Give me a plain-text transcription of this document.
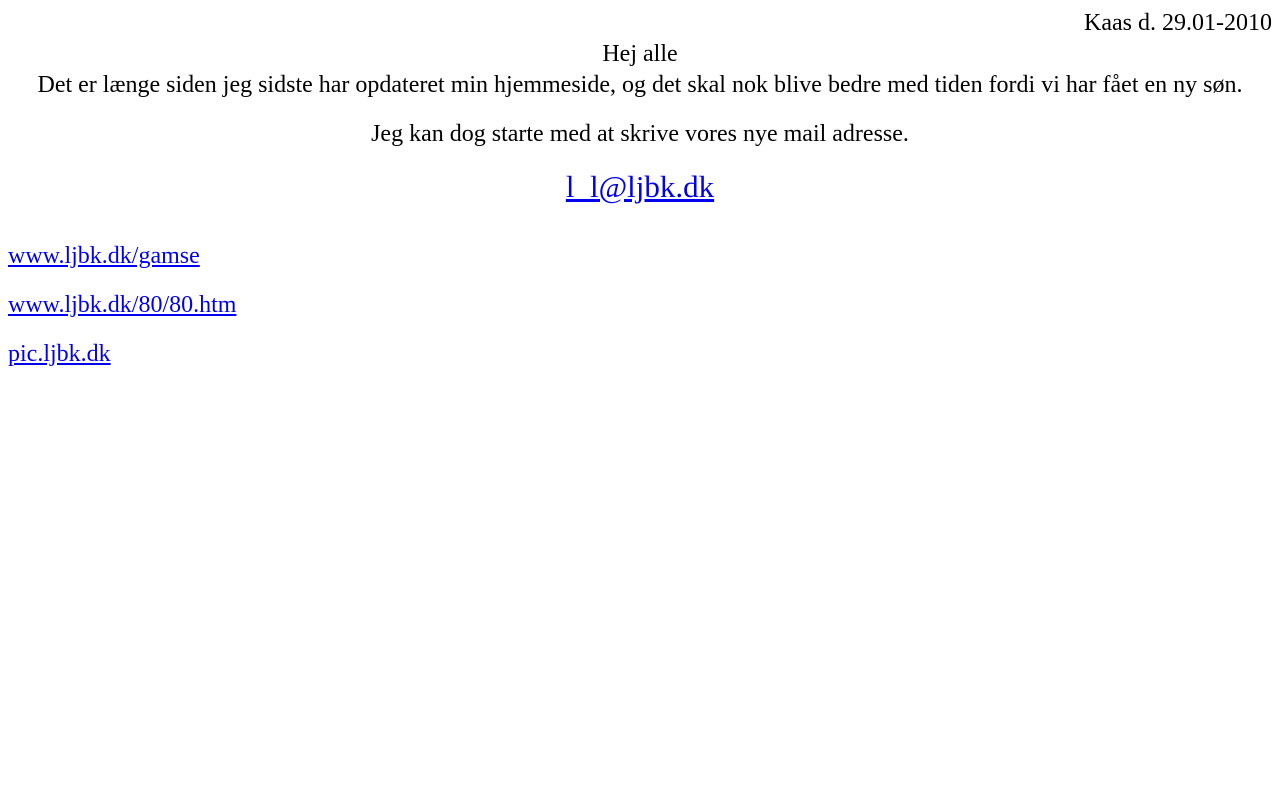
Kaas d. 29.01-2010

Hej alle

Det er længe siden jeg sidste har opdateret min hjemmeside, og det skal nok blive bedre med tiden fordi vi har fået en ny søn.

Jeg kan dog starte med at skrive vores nye mail adresse.

l_l@ljbk.dk

www.ljbk.dk/gamse

www.ljbk.dk/80/80.htm

pic.ljbk.dk
